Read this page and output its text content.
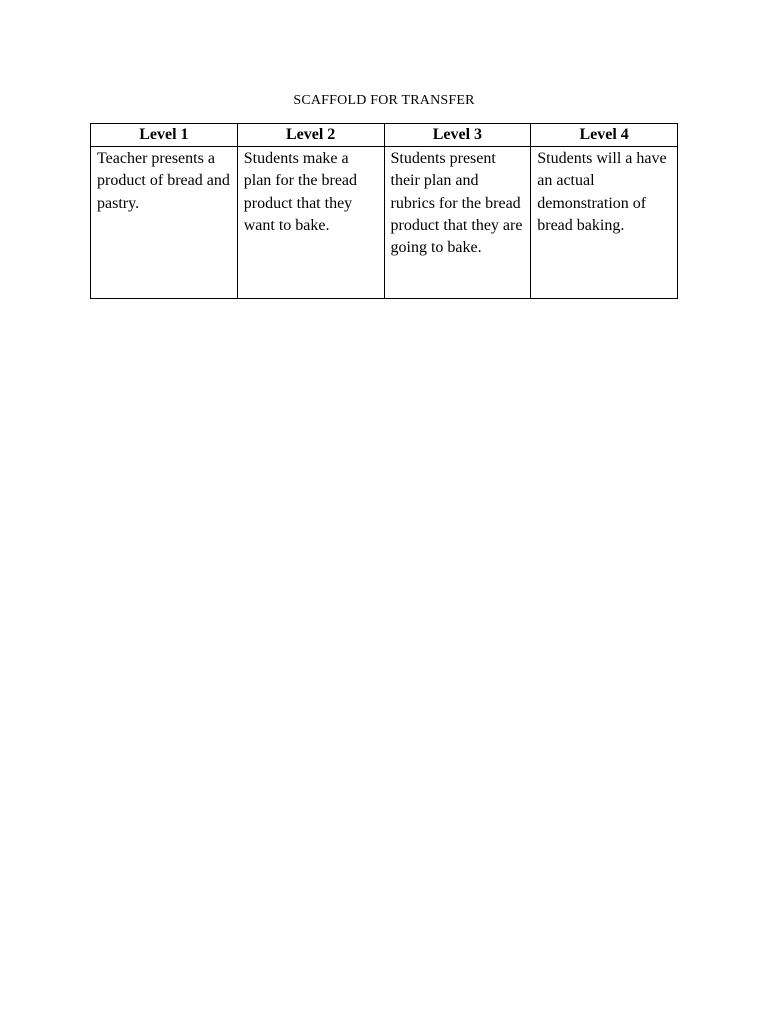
SCAFFOLD FOR TRANSFER
Level 1	Level 2	Level 3	Level 4
Teacher presents a product of bread and pastry.	Students make a plan for the bread product that they want to bake.	Students present their plan and rubrics for the bread product that they are going to bake.	Students will a have an actual demonstration of bread baking.
